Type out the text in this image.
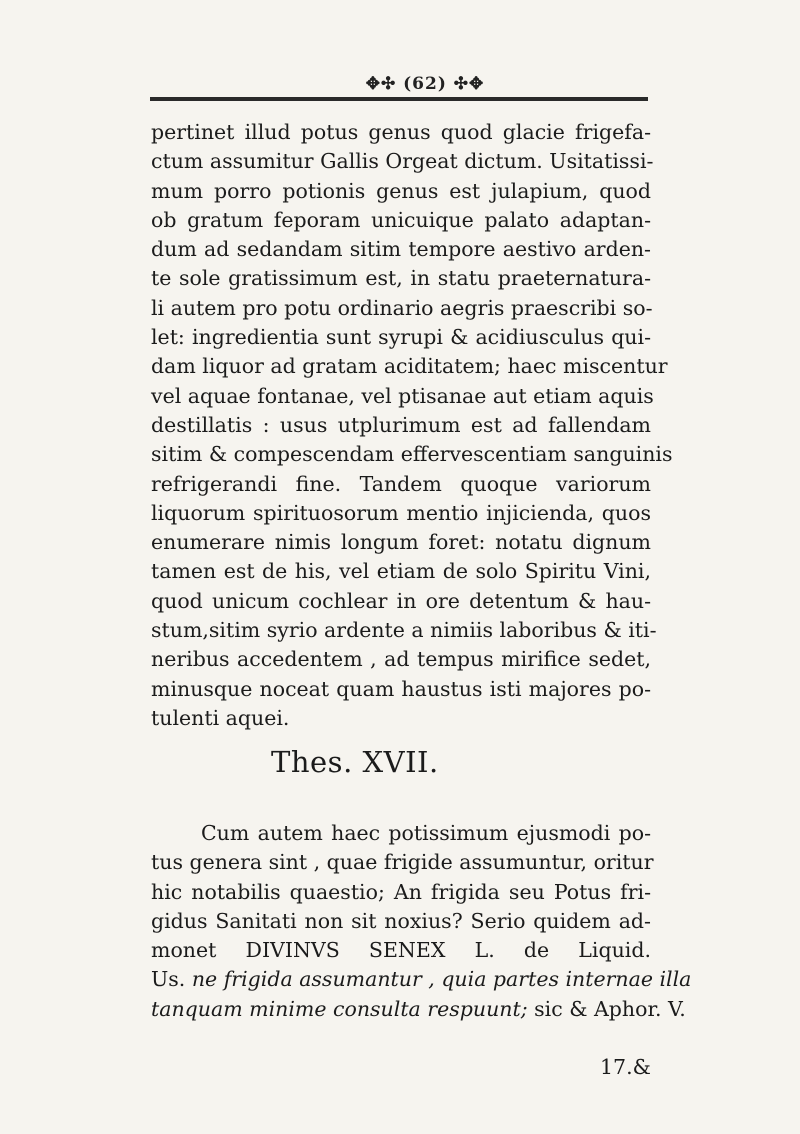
✥✣ (62) ✣✥
pertinet illud potus genus quod glacie frigefa-
ctum assumitur Gallis Orgeat dictum. Usitatissi-
mum porro potionis genus est julapium, quod
ob gratum feporam unicuique palato adaptan-
dum ad sedandam sitim tempore aestivo arden-
te sole gratissimum est, in statu praeternatura-
li autem pro potu ordinario aegris praescribi so-
let: ingredientia sunt syrupi & acidiusculus qui-
dam liquor ad gratam aciditatem; haec miscentur
vel aquae fontanae, vel ptisanae aut etiam aquis
destillatis : usus utplurimum est ad fallendam
sitim & compescendam effervescentiam sanguinis
refrigerandi fine. Tandem quoque variorum
liquorum spirituosorum mentio injicienda, quos
enumerare nimis longum foret: notatu dignum
tamen est de his, vel etiam de solo Spiritu Vini,
quod unicum cochlear in ore detentum & hau-
stum,sitim syrio ardente a nimiis laboribus & iti-
neribus accedentem , ad tempus mirifice sedet,
minusque noceat quam haustus isti majores po-
tulenti aquei.
Thes. XVII.
Cum autem haec potissimum ejusmodi po-
tus genera sint , quae frigide assumuntur, oritur
hic notabilis quaestio; An frigida seu Potus fri-
gidus Sanitati non sit noxius? Serio quidem ad-
monet DIVINVS SENEX L. de Liquid.
Us. ne frigida assumantur , quia partes internae illa
tanquam minime consulta respuunt; sic & Aphor. V.
17.&
